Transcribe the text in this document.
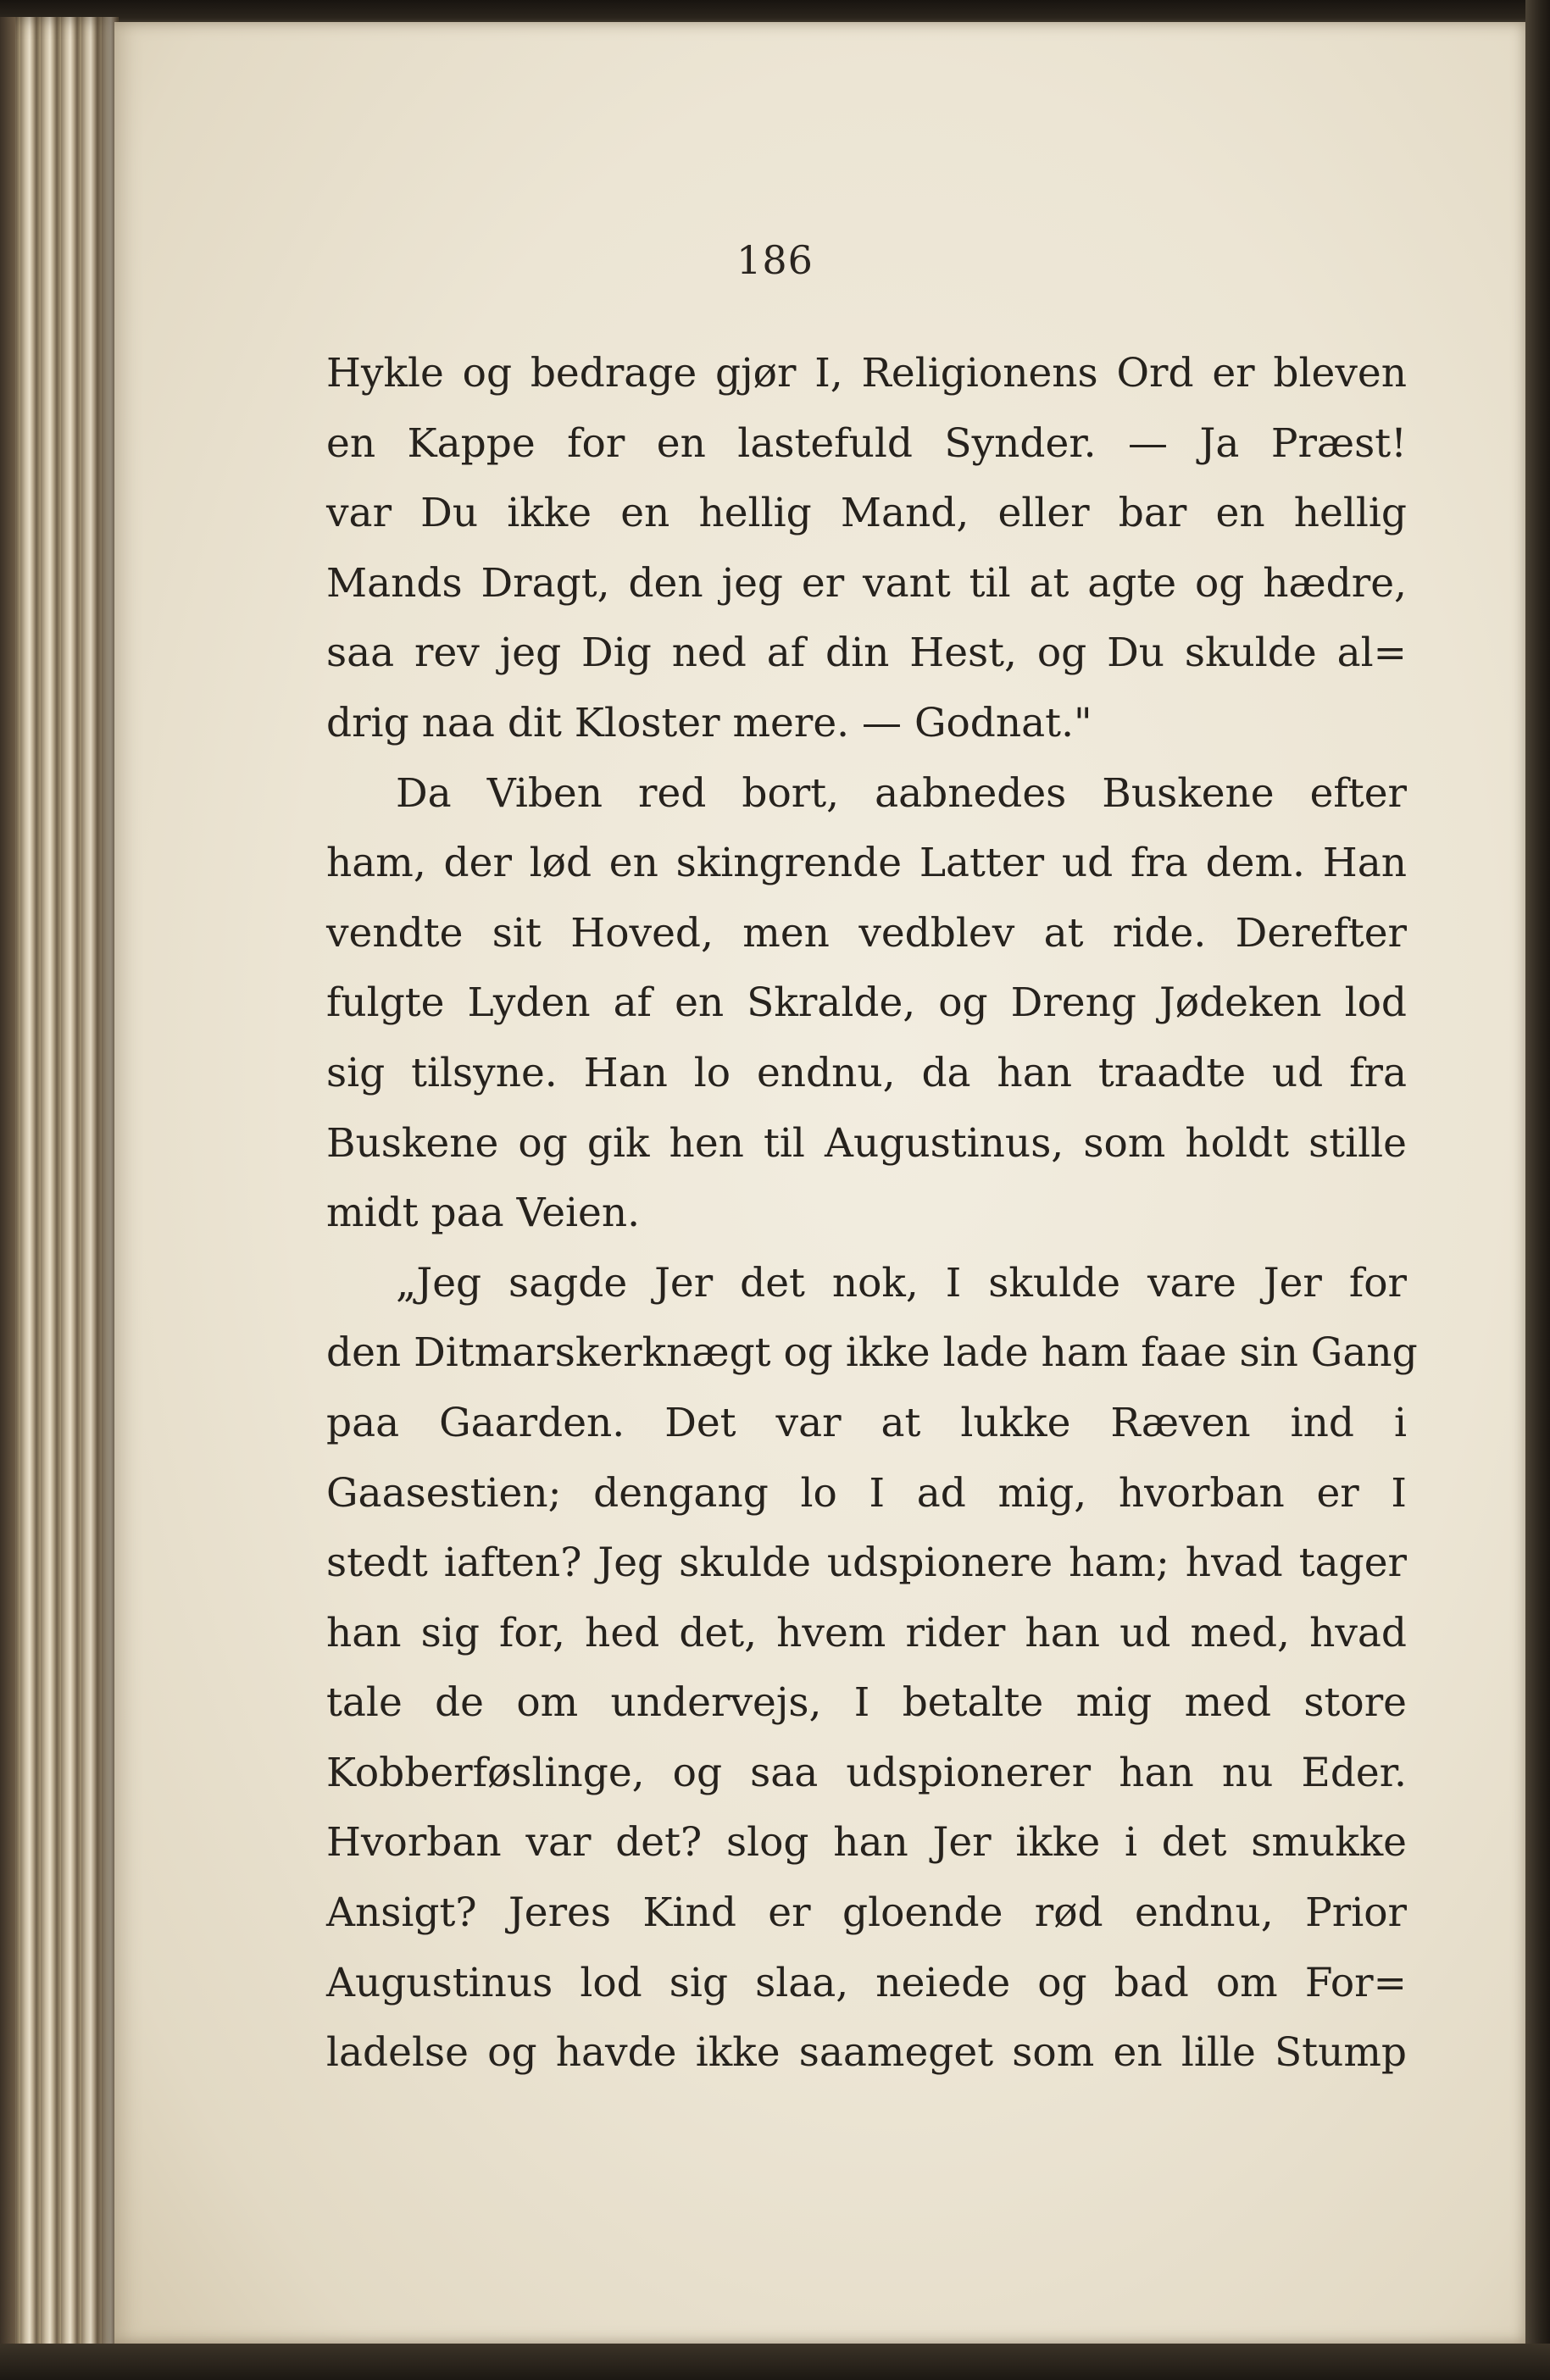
186
Hykle og bedrage gjør I, Religionens Ord er bleven
en Kappe for en lastefuld Synder. — Ja Præst!
var Du ikke en hellig Mand, eller bar en hellig
Mands Dragt, den jeg er vant til at agte og hædre,
saa rev jeg Dig ned af din Hest, og Du skulde al=
drig naa dit Kloster mere. — Godnat."
Da Viben red bort, aabnedes Buskene efter
ham, der lød en skingrende Latter ud fra dem. Han
vendte sit Hoved, men vedblev at ride. Derefter
fulgte Lyden af en Skralde, og Dreng Jødeken lod
sig tilsyne. Han lo endnu, da han traadte ud fra
Buskene og gik hen til Augustinus, som holdt stille
midt paa Veien.
„Jeg sagde Jer det nok, I skulde vare Jer for
den Ditmarskerknægt og ikke lade ham faae sin Gang
paa Gaarden. Det var at lukke Ræven ind i
Gaasestien; dengang lo I ad mig, hvorban er I
stedt iaften? Jeg skulde udspionere ham; hvad tager
han sig for, hed det, hvem rider han ud med, hvad
tale de om undervejs, I betalte mig med store
Kobberføslinge, og saa udspionerer han nu Eder.
Hvorban var det? slog han Jer ikke i det smukke
Ansigt? Jeres Kind er gloende rød endnu, Prior
Augustinus lod sig slaa, neiede og bad om For=
ladelse og havde ikke saameget som en lille Stump
